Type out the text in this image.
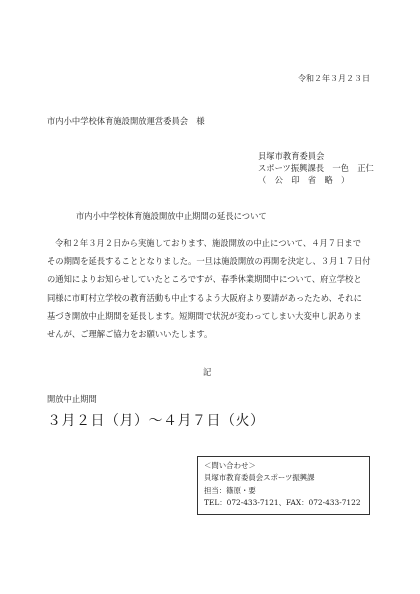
令和２年３月２３日
市内小中学校体育施設開放運営委員会　様
貝塚市教育委員会
スポーツ振興課長　一色　正仁
（　公　印　省　略　）
市内小中学校体育施設開放中止期間の延長について

令和２年３月２日から実施しております、施設開放の中止について、４月７日まで

その期間を延長することとなりました。一旦は施設開放の再開を決定し、３月１７日付

の通知によりお知らせしていたところですが、春季休業期間中について、府立学校と

同様に市町村立学校の教育活動も中止するよう大阪府より要請があったため、それに

基づき開放中止期間を延長します。短期間で状況が変わってしまい大変申し訳ありま

せんが、ご理解ご協力をお願いいたします。

記
開放中止期間
３月２日（月）～４月７日（火）
＜問い合わせ＞
貝塚市教育委員会スポーツ振興課
担当：篠原・要
TEL：072-433-7121、FAX：072-433-7122
